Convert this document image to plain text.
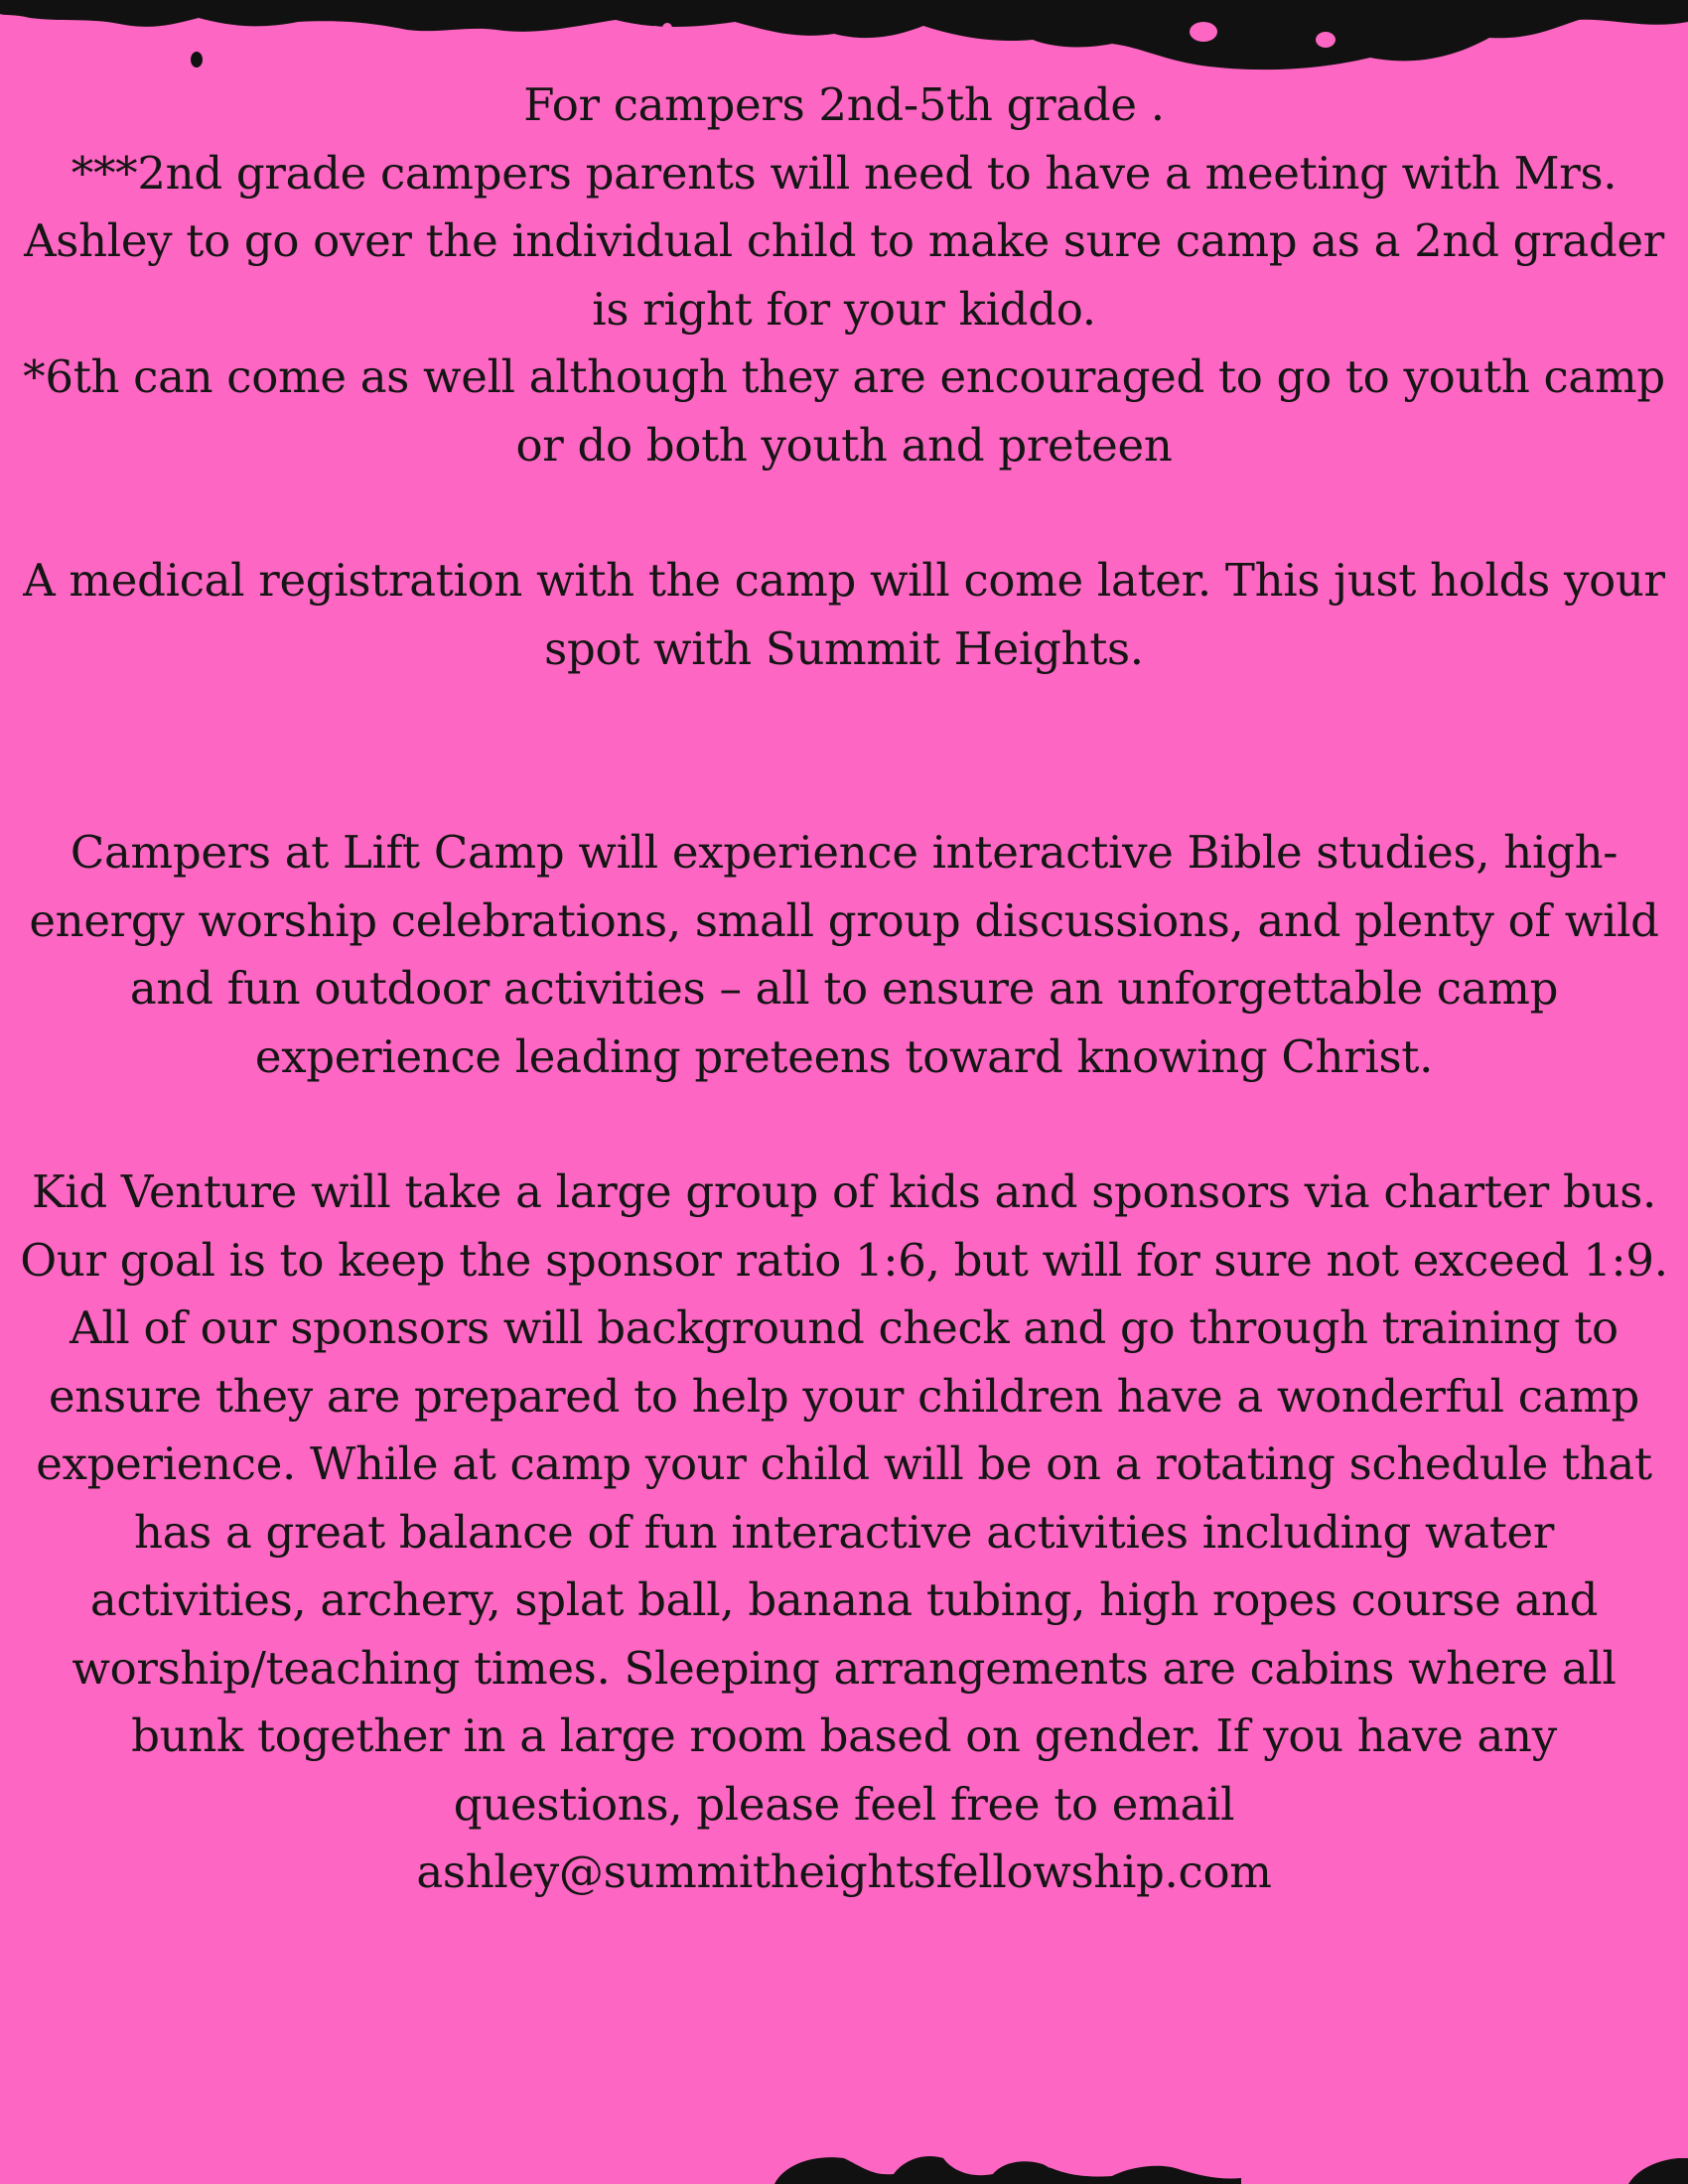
For campers 2nd-5th grade .

***2nd grade campers parents will need to have a meeting with Mrs. Ashley to go over the individual child to make sure camp as a 2nd grader is right for your kiddo.

*6th can come as well although they are encouraged to go to youth camp or do both youth and preteen

A medical registration with the camp will come later. This just holds your spot with Summit Heights.

Campers at Lift Camp will experience interactive Bible studies, high-energy worship celebrations, small group discussions, and plenty of wild and fun outdoor activities – all to ensure an unforgettable camp experience leading preteens toward knowing Christ.

Kid Venture will take a large group of kids and sponsors via charter bus. Our goal is to keep the sponsor ratio 1:6, but will for sure not exceed 1:9. All of our sponsors will background check and go through training to ensure they are prepared to help your children have a wonderful camp experience. While at camp your child will be on a rotating schedule that has a great balance of fun interactive activities including water activities, archery, splat ball, banana tubing, high ropes course and worship/teaching times. Sleeping arrangements are cabins where all bunk together in a large room based on gender. If you have any questions, please feel free to email ashley@summitheightsfellowship.com
